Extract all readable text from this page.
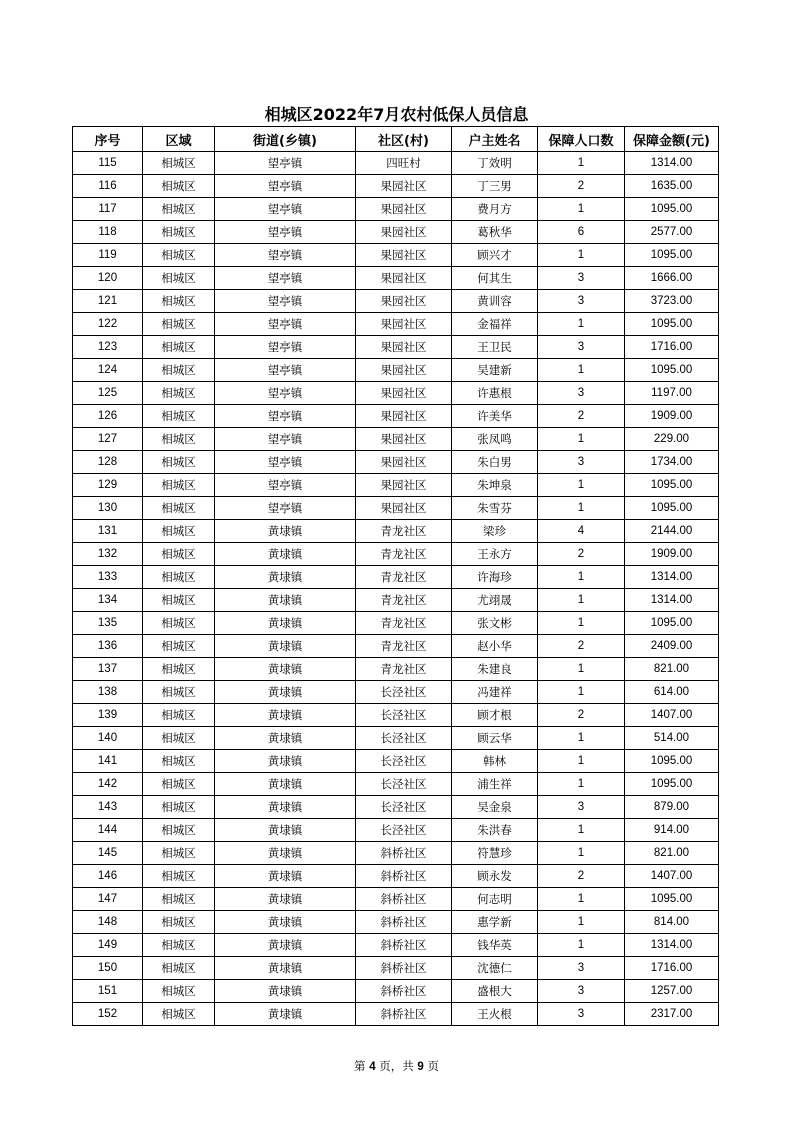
相城区2022年7月农村低保人员信息
序号	区域	街道(乡镇)	社区(村)	户主姓名	保障人口数	保障金额(元)
115	相城区	望亭镇	四旺村	丁效明	1	1314.00
116	相城区	望亭镇	果园社区	丁三男	2	1635.00
117	相城区	望亭镇	果园社区	费月方	1	1095.00
118	相城区	望亭镇	果园社区	葛秋华	6	2577.00
119	相城区	望亭镇	果园社区	顾兴才	1	1095.00
120	相城区	望亭镇	果园社区	何其生	3	1666.00
121	相城区	望亭镇	果园社区	黄训容	3	3723.00
122	相城区	望亭镇	果园社区	金福祥	1	1095.00
123	相城区	望亭镇	果园社区	王卫民	3	1716.00
124	相城区	望亭镇	果园社区	吴建新	1	1095.00
125	相城区	望亭镇	果园社区	许惠根	3	1197.00
126	相城区	望亭镇	果园社区	许美华	2	1909.00
127	相城区	望亭镇	果园社区	张凤鸣	1	229.00
128	相城区	望亭镇	果园社区	朱白男	3	1734.00
129	相城区	望亭镇	果园社区	朱坤泉	1	1095.00
130	相城区	望亭镇	果园社区	朱雪芬	1	1095.00
131	相城区	黄埭镇	青龙社区	梁珍	4	2144.00
132	相城区	黄埭镇	青龙社区	王永方	2	1909.00
133	相城区	黄埭镇	青龙社区	许海珍	1	1314.00
134	相城区	黄埭镇	青龙社区	尤翊晟	1	1314.00
135	相城区	黄埭镇	青龙社区	张文彬	1	1095.00
136	相城区	黄埭镇	青龙社区	赵小华	2	2409.00
137	相城区	黄埭镇	青龙社区	朱建良	1	821.00
138	相城区	黄埭镇	长泾社区	冯建祥	1	614.00
139	相城区	黄埭镇	长泾社区	顾才根	2	1407.00
140	相城区	黄埭镇	长泾社区	顾云华	1	514.00
141	相城区	黄埭镇	长泾社区	韩林	1	1095.00
142	相城区	黄埭镇	长泾社区	浦生祥	1	1095.00
143	相城区	黄埭镇	长泾社区	吴金泉	3	879.00
144	相城区	黄埭镇	长泾社区	朱洪春	1	914.00
145	相城区	黄埭镇	斜桥社区	符慧珍	1	821.00
146	相城区	黄埭镇	斜桥社区	顾永发	2	1407.00
147	相城区	黄埭镇	斜桥社区	何志明	1	1095.00
148	相城区	黄埭镇	斜桥社区	惠学新	1	814.00
149	相城区	黄埭镇	斜桥社区	钱华英	1	1314.00
150	相城区	黄埭镇	斜桥社区	沈德仁	3	1716.00
151	相城区	黄埭镇	斜桥社区	盛根大	3	1257.00
152	相城区	黄埭镇	斜桥社区	王火根	3	2317.00
第 4 页，共 9 页
